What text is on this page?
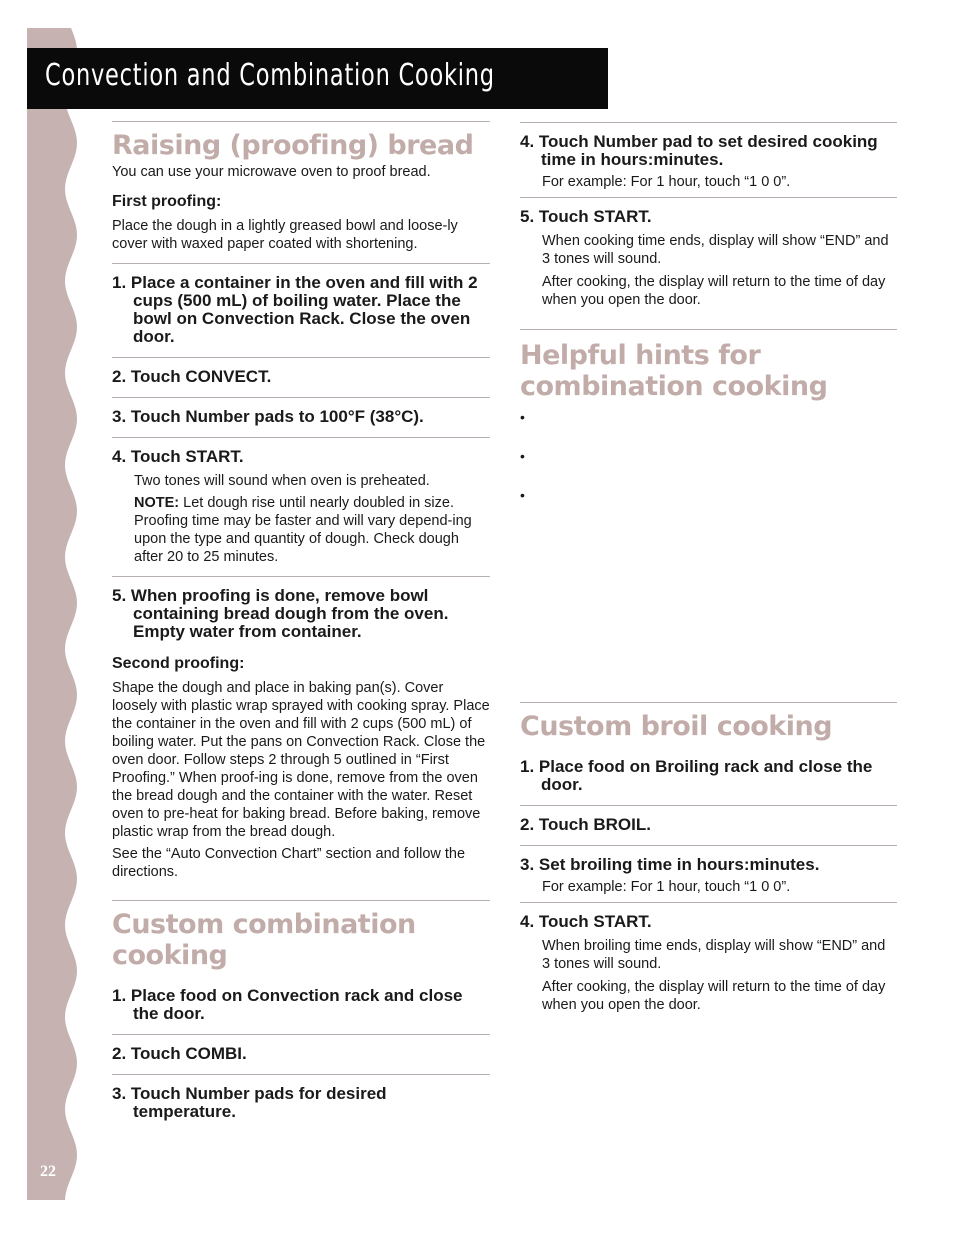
22
Convection and Combination Cooking
Raising (proofing) bread

You can use your microwave oven to proof bread.

First proofing:

Place the dough in a lightly greased bowl and loose-ly cover with waxed paper coated with shortening.

1. Place a container in the oven and fill with 2 cups (500 mL) of boiling water. Place the bowl on Convection Rack. Close the oven door.

2. Touch CONVECT.

3. Touch Number pads to 100°F (38°C).

4. Touch START.

Two tones will sound when oven is preheated.

NOTE: Let dough rise until nearly doubled in size. Proofing time may be faster and will vary depend-ing upon the type and quantity of dough. Check dough after 20 to 25 minutes.

5. When proofing is done, remove bowl containing bread dough from the oven. Empty water from container.

Second proofing:

Shape the dough and place in baking pan(s). Cover loosely with plastic wrap sprayed with cooking spray. Place the container in the oven and fill with 2 cups (500 mL) of boiling water. Put the pans on Convection Rack. Close the oven door. Follow steps 2 through 5 outlined in “First Proofing.” When proof-ing is done, remove from the oven the bread dough and the container with the water. Reset oven to pre-heat for baking bread. Before baking, remove plastic wrap from the bread dough.

See the “Auto Convection Chart” section and follow the directions.

Custom combination cooking

1. Place food on Convection rack and close the door.

2. Touch COMBI.

3. Touch Number pads for desired temperature.

4. Touch Number pad to set desired cooking time in hours:minutes.

For example: For 1 hour, touch “1 0 0”.

5. Touch START.

When cooking time ends, display will show “END” and 3 tones will sound.

After cooking, the display will return to the time of day when you open the door.

Helpful hints for combination cooking

•

•

•

Custom broil cooking

1. Place food on Broiling rack and close the door.

2. Touch BROIL.

3. Set broiling time in hours:minutes.

For example: For 1 hour, touch “1 0 0”.

4. Touch START.

When broiling time ends, display will show “END” and 3 tones will sound.

After cooking, the display will return to the time of day when you open the door.
